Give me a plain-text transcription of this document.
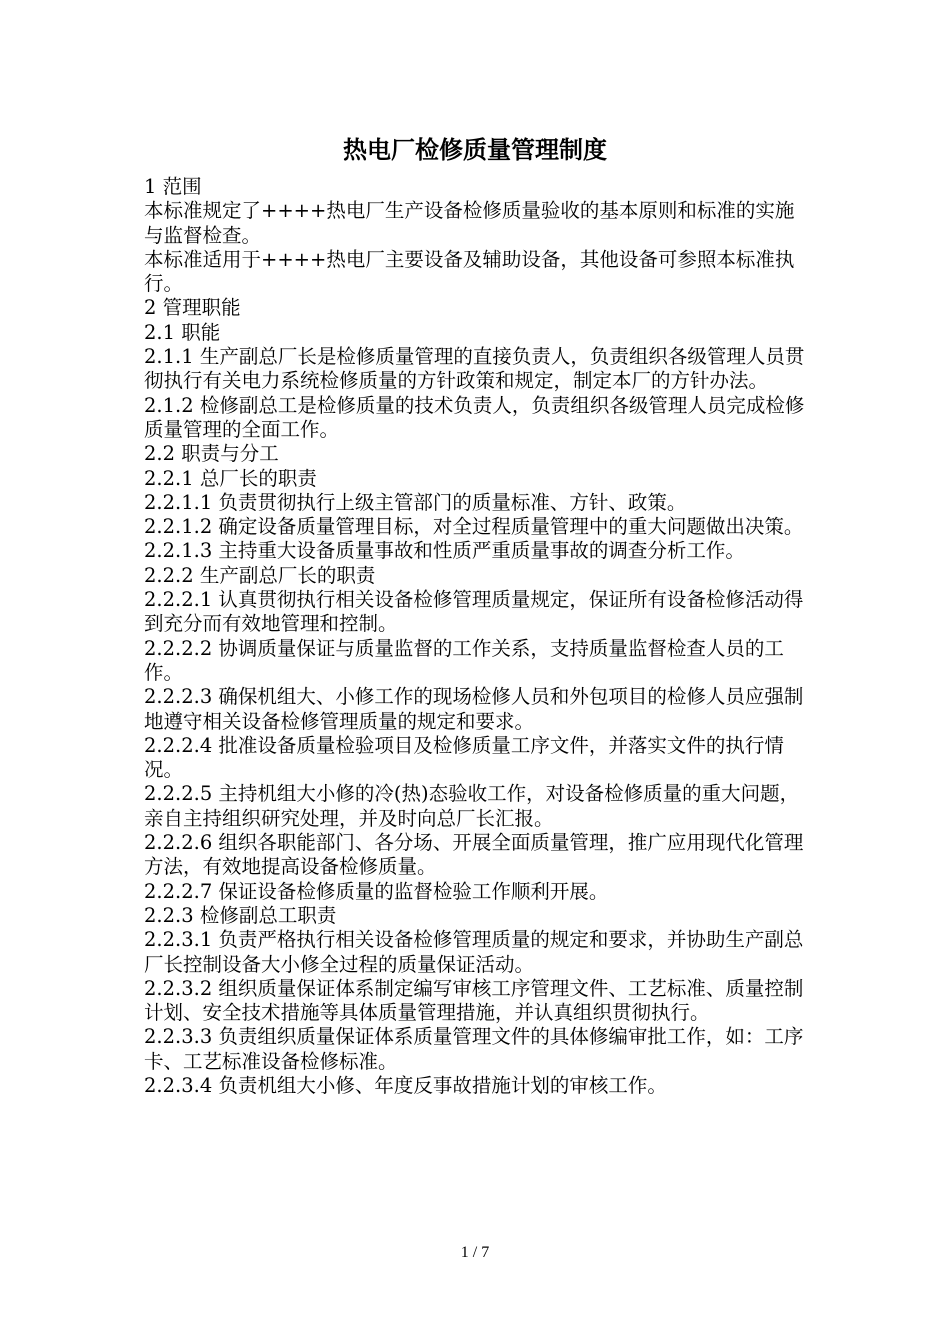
热电厂检修质量管理制度

1 范围

本标准规定了++++热电厂生产设备检修质量验收的基本原则和标准的实施与监督检查。

本标准适用于++++热电厂主要设备及辅助设备，其他设备可参照本标准执行。

2 管理职能

2.1 职能

2.1.1 生产副总厂长是检修质量管理的直接负责人，负责组织各级管理人员贯彻执行有关电力系统检修质量的方针政策和规定，制定本厂的方针办法。

2.1.2 检修副总工是检修质量的技术负责人，负责组织各级管理人员完成检修质量管理的全面工作。

2.2 职责与分工

2.2.1 总厂长的职责

2.2.1.1 负责贯彻执行上级主管部门的质量标准、方针、政策。

2.2.1.2 确定设备质量管理目标，对全过程质量管理中的重大问题做出决策。

2.2.1.3 主持重大设备质量事故和性质严重质量事故的调查分析工作。

2.2.2 生产副总厂长的职责

2.2.2.1 认真贯彻执行相关设备检修管理质量规定，保证所有设备检修活动得到充分而有效地管理和控制。

2.2.2.2 协调质量保证与质量监督的工作关系，支持质量监督检查人员的工作。

2.2.2.3 确保机组大、小修工作的现场检修人员和外包项目的检修人员应强制地遵守相关设备检修管理质量的规定和要求。

2.2.2.4 批准设备质量检验项目及检修质量工序文件，并落实文件的执行情况。

2.2.2.5 主持机组大小修的冷(热)态验收工作，对设备检修质量的重大问题，亲自主持组织研究处理，并及时向总厂长汇报。

2.2.2.6 组织各职能部门、各分场、开展全面质量管理，推广应用现代化管理方法，有效地提高设备检修质量。

2.2.2.7 保证设备检修质量的监督检验工作顺利开展。

2.2.3 检修副总工职责

2.2.3.1 负责严格执行相关设备检修管理质量的规定和要求，并协助生产副总厂长控制设备大小修全过程的质量保证活动。

2.2.3.2 组织质量保证体系制定编写审核工序管理文件、工艺标准、质量控制计划、安全技术措施等具体质量管理措施，并认真组织贯彻执行。

2.2.3.3 负责组织质量保证体系质量管理文件的具体修编审批工作，如：工序卡、工艺标准设备检修标准。

2.2.3.4 负责机组大小修、年度反事故措施计划的审核工作。

1 / 7
